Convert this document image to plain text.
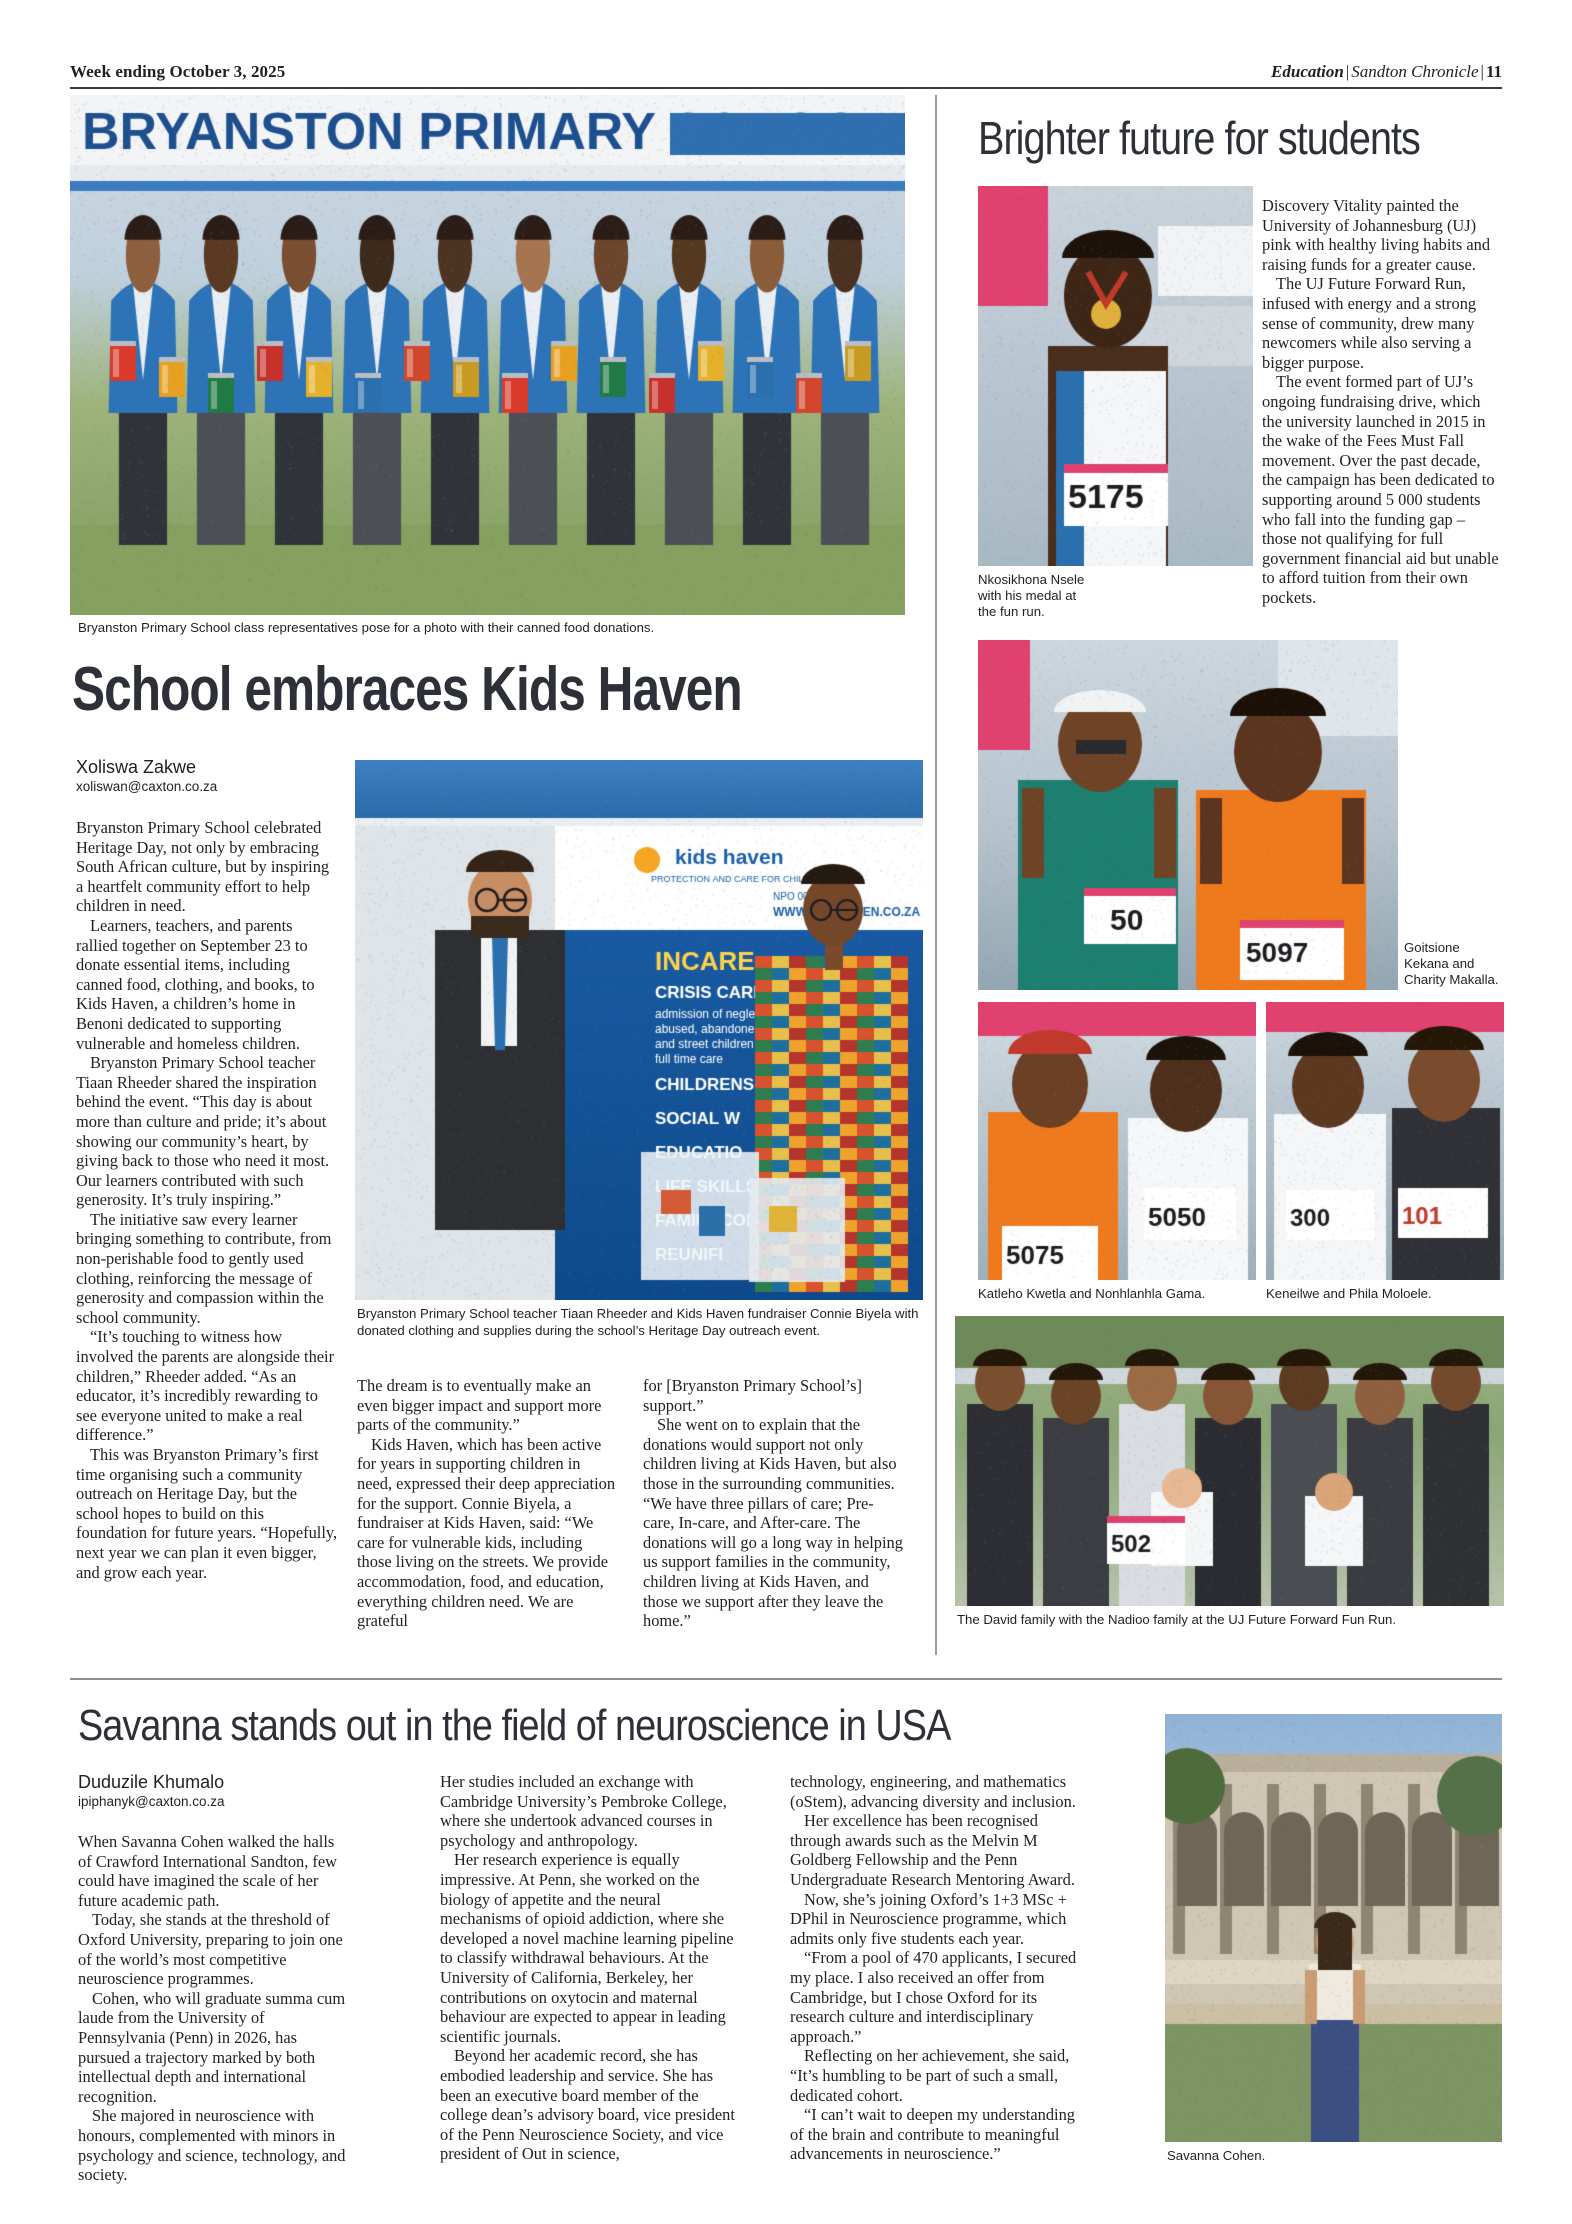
Week ending October 3, 2025	Education | Sandton Chronicle | 11
Bryanston Primary School class representatives pose for a photo with their canned food donations.
School embraces Kids Haven
Xoliswa Zakwe
xoliswan@caxton.co.za

Bryanston Primary School celebrated Heritage Day, not only by embracing South African culture, but by inspiring a heartfelt community effort to help children in need.

Learners, teachers, and parents rallied together on September 23 to donate essential items, including canned food, clothing, and books, to Kids Haven, a children’s home in Benoni dedicated to supporting vulnerable and homeless children.

Bryanston Primary School teacher Tiaan Rheeder shared the inspiration behind the event. “This day is about more than culture and pride; it’s about showing our community’s heart, by giving back to those who need it most. Our learners contributed with such generosity. It’s truly inspiring.”

The initiative saw every learner bringing something to contribute, from non-perishable food to gently used clothing, reinforcing the message of generosity and compassion within the school community.

“It’s touching to witness how involved the parents are alongside their children,” Rheeder added. “As an educator, it’s incredibly rewarding to see everyone united to make a real difference.”

This was Bryanston Primary’s first time organising such a community outreach on Heritage Day, but the school hopes to build on this foundation for future years. “Hopefully, next year we can plan it even bigger, and grow each year.

Bryanston Primary School teacher Tiaan Rheeder and Kids Haven fundraiser Connie Biyela with donated clothing and supplies during the school’s Heritage Day outreach event.

The dream is to eventually make an even bigger impact and support more parts of the community.”

Kids Haven, which has been active for years in supporting children in need, expressed their deep appreciation for the support. Connie Biyela, a fundraiser at Kids Haven, said: “We care for vulnerable kids, including those living on the streets. We provide accommodation, food, and education, everything children need. We are grateful

for [Bryanston Primary School’s] support.”

She went on to explain that the donations would support not only children living at Kids Haven, but also those in the surrounding communities. “We have three pillars of care; Pre-care, In-care, and After-care. The donations will go a long way in helping us support families in the community, children living at Kids Haven, and those we support after they leave the home.”

Brighter future for students
Nkosikhona Nsele with his medal at the fun run.

Discovery Vitality painted the University of Johannesburg (UJ) pink with healthy living habits and raising funds for a greater cause.

The UJ Future Forward Run, infused with energy and a strong sense of community, drew many newcomers while also serving a bigger purpose.

The event formed part of UJ’s ongoing fundraising drive, which the university launched in 2015 in the wake of the Fees Must Fall movement. Over the past decade, the campaign has been dedicated to supporting around 5 000 students who fall into the funding gap – those not qualifying for full government financial aid but unable to afford tuition from their own pockets.

Goitsione Kekana and Charity Makalla.
Katleho Kwetla and Nonhlanhla Gama.	Keneilwe and Phila Moloele.
The David family with the Nadioo family at the UJ Future Forward Fun Run.
Savanna stands out in the field of neuroscience in USA
Duduzile Khumalo
ipiphanyk@caxton.co.za

When Savanna Cohen walked the halls of Crawford International Sandton, few could have imagined the scale of her future academic path.

Today, she stands at the threshold of Oxford University, preparing to join one of the world’s most competitive neuroscience programmes.

Cohen, who will graduate summa cum laude from the University of Pennsylvania (Penn) in 2026, has pursued a trajectory marked by both intellectual depth and international recognition.

She majored in neuroscience with honours, complemented with minors in psychology and science, technology, and society.

Her studies included an exchange with Cambridge University’s Pembroke College, where she undertook advanced courses in psychology and anthropology.

Her research experience is equally impressive. At Penn, she worked on the biology of appetite and the neural mechanisms of opioid addiction, where she developed a novel machine learning pipeline to classify withdrawal behaviours. At the University of California, Berkeley, her contributions on oxytocin and maternal behaviour are expected to appear in leading scientific journals.

Beyond her academic record, she has embodied leadership and service. She has been an executive board member of the college dean’s advisory board, vice president of the Penn Neuroscience Society, and vice president of Out in science,

technology, engineering, and mathematics (oStem), advancing diversity and inclusion.

Her excellence has been recognised through awards such as the Melvin M Goldberg Fellowship and the Penn Undergraduate Research Mentoring Award.

Now, she’s joining Oxford’s 1+3 MSc + DPhil in Neuroscience programme, which admits only five students each year.

“From a pool of 470 applicants, I secured my place. I also received an offer from Cambridge, but I chose Oxford for its research culture and interdisciplinary approach.”

Reflecting on her achievement, she said, “It’s humbling to be part of such a small, dedicated cohort.

“I can’t wait to deepen my understanding of the brain and contribute to meaningful advancements in neuroscience.”	Savanna Cohen.
